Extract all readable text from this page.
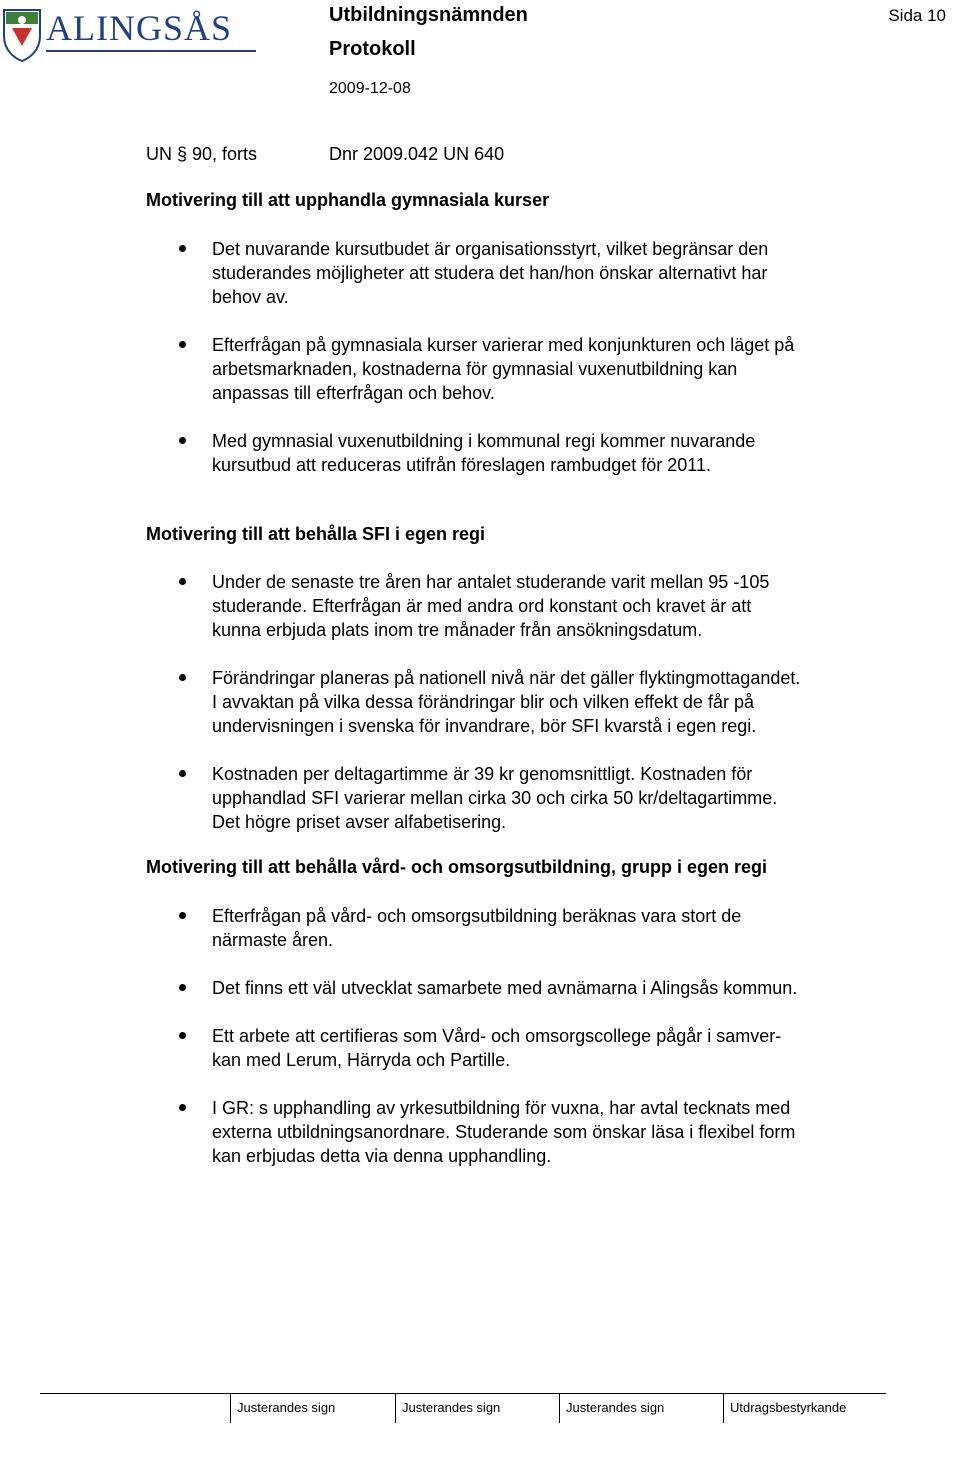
ALINGSÅS	Utbildningsnämnden
Protokoll
2009-12-08
Sida 10
UN § 90, forts	Dnr 2009.042 UN 640
Motivering till att upphandla gymnasiala kurser
Det nuvarande kursutbudet är organisationsstyrt, vilket begränsar den
studerandes möjligheter att studera det han/hon önskar alternativt har
behov av.
Efterfrågan på gymnasiala kurser varierar med konjunkturen och läget på
arbetsmarknaden, kostnaderna för gymnasial vuxenutbildning kan
anpassas till efterfrågan och behov.
Med gymnasial vuxenutbildning i kommunal regi kommer nuvarande
kursutbud att reduceras utifrån föreslagen rambudget för 2011.
Motivering till att behålla SFI i egen regi
Under de senaste tre åren har antalet studerande varit mellan 95 -105
studerande. Efterfrågan är med andra ord konstant och kravet är att
kunna erbjuda plats inom tre månader från ansökningsdatum.
Förändringar planeras på nationell nivå när det gäller flyktingmottagandet.
I avvaktan på vilka dessa förändringar blir och vilken effekt de får på
undervisningen i svenska för invandrare, bör SFI kvarstå i egen regi.
Kostnaden per deltagartimme är 39 kr genomsnittligt. Kostnaden för
upphandlad SFI varierar mellan cirka 30 och cirka 50 kr/deltagartimme.
Det högre priset avser alfabetisering.
Motivering till att behålla vård- och omsorgsutbildning, grupp i egen regi
Efterfrågan på vård- och omsorgsutbildning beräknas vara stort de
närmaste åren.
Det finns ett väl utvecklat samarbete med avnämarna i Alingsås kommun.
Ett arbete att certifieras som Vård- och omsorgscollege pågår i samver-
kan med Lerum, Härryda och Partille.
I GR: s upphandling av yrkesutbildning för vuxna, har avtal tecknats med
externa utbildningsanordnare. Studerande som önskar läsa i flexibel form
kan erbjudas detta via denna upphandling.
Justerandes sign	Justerandes sign	Justerandes sign	Utdragsbestyrkande
